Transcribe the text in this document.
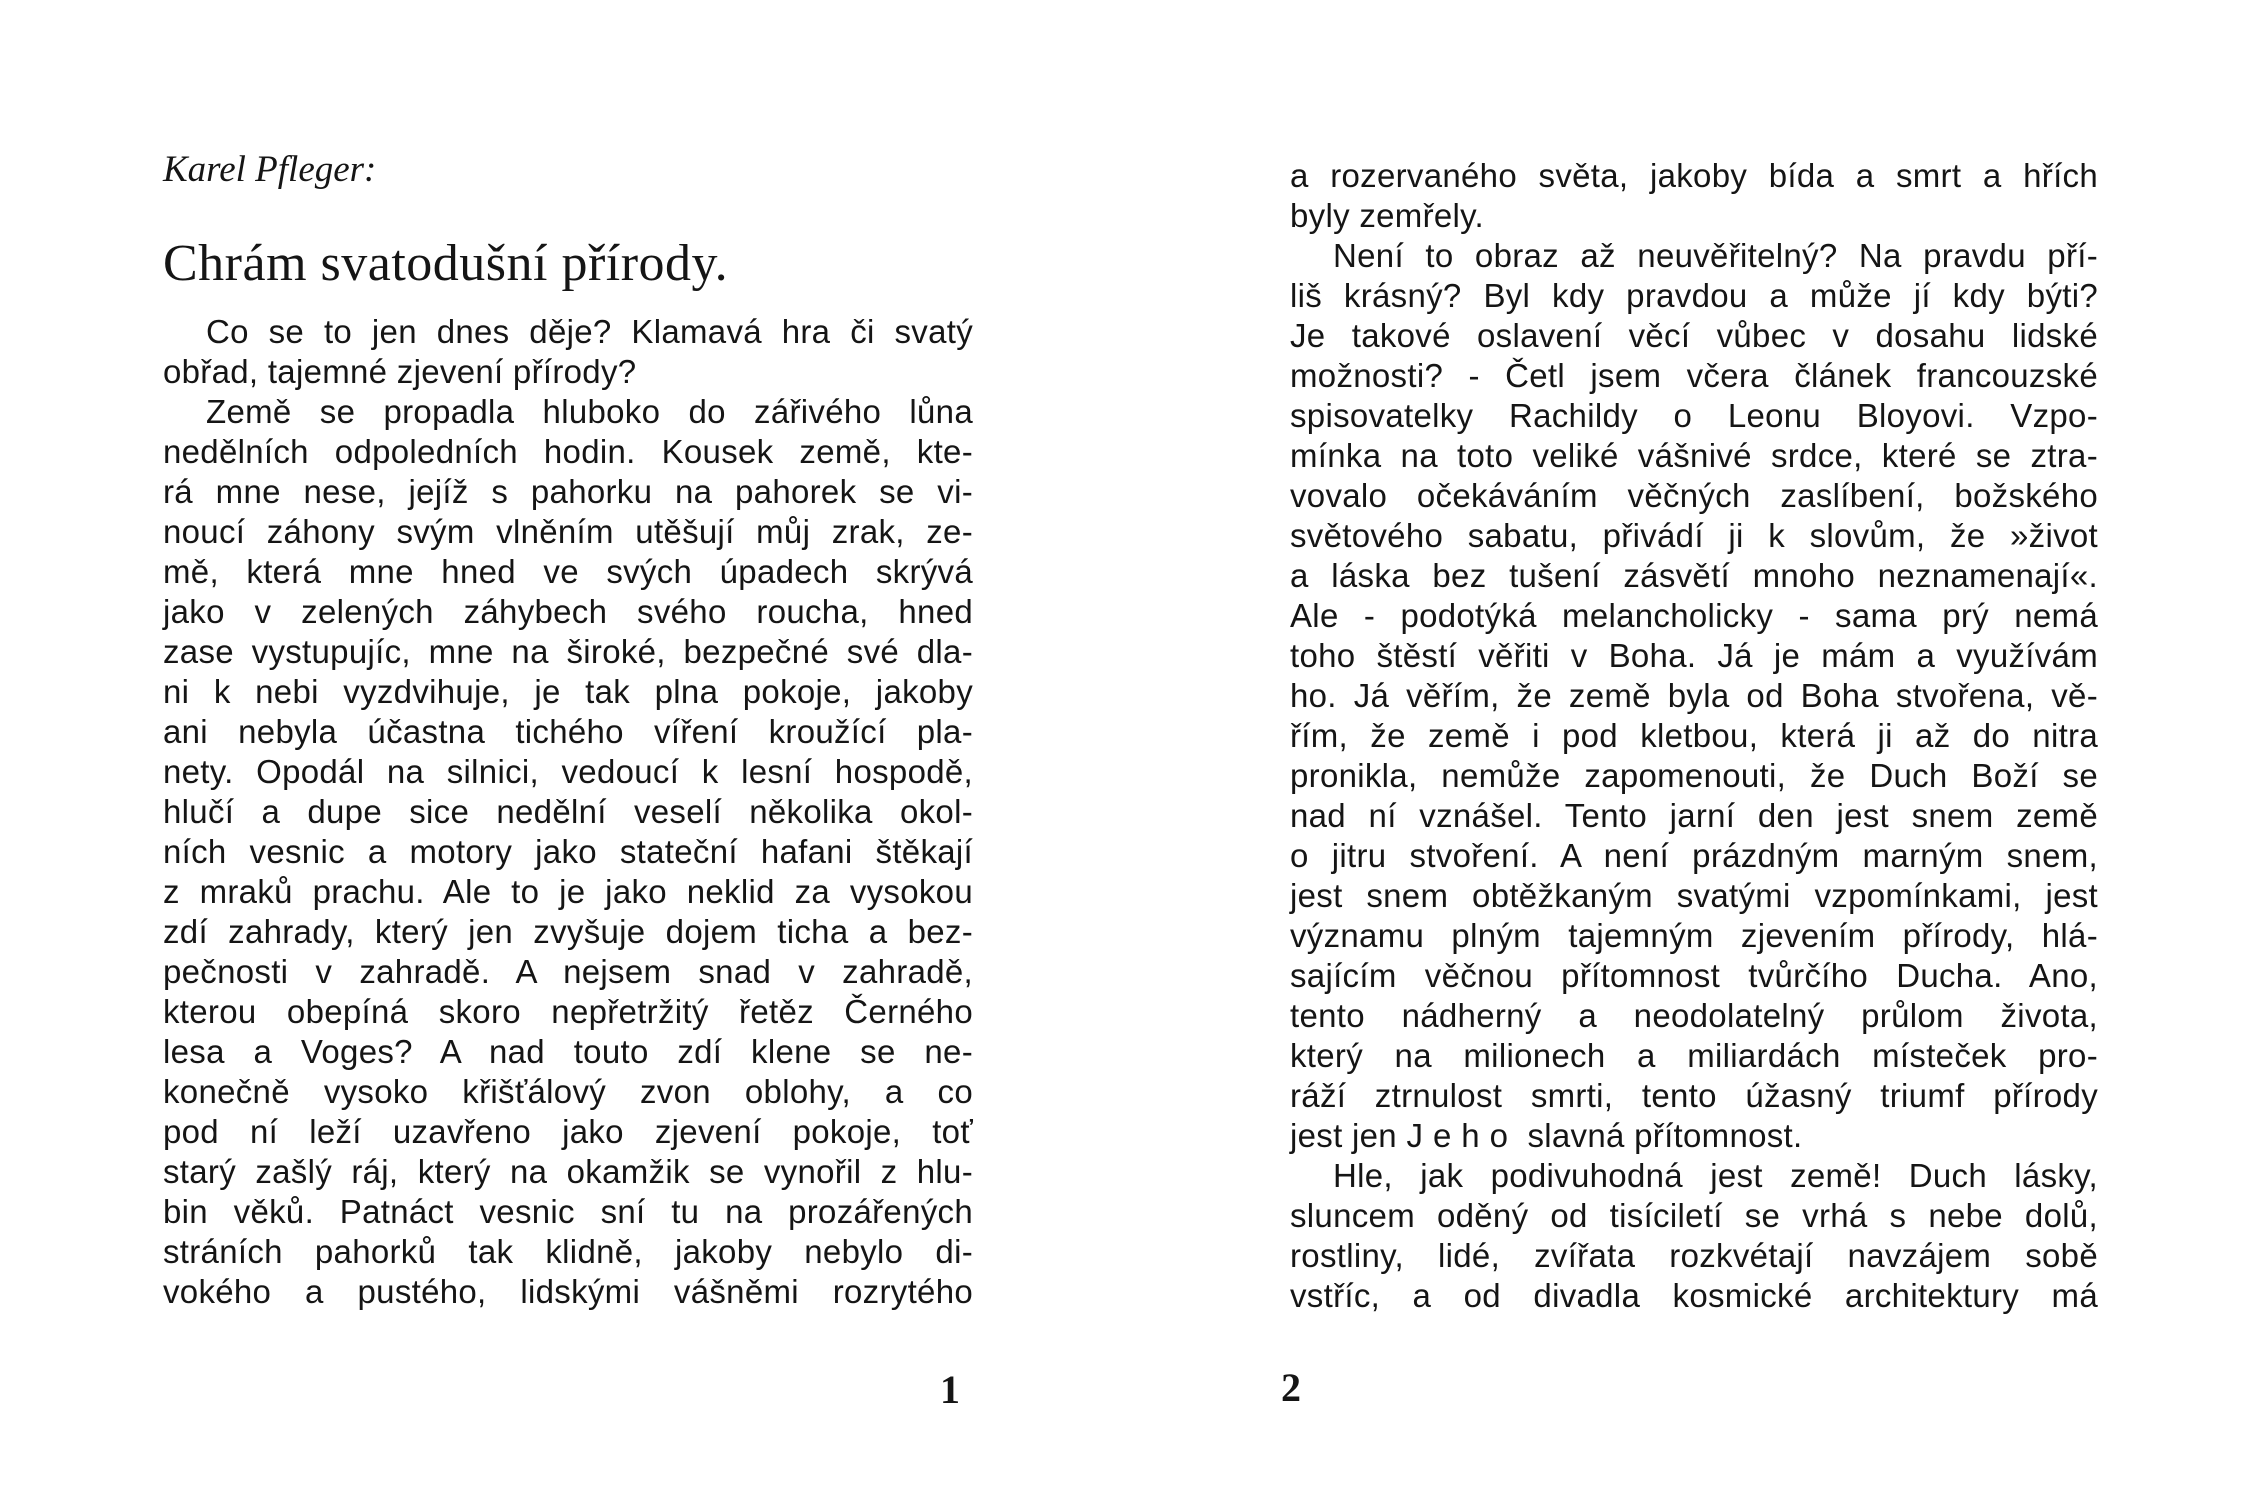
Karel Pfleger:

Chrám svatodušní přírody.
Co se to jen dnes děje? Klamavá hra či svatý
obřad, tajemné zjevení přírody?
Země se propadla hluboko do zářivého lůna
nedělních odpoledních hodin. Kousek země, kte-
rá mne nese, jejíž s pahorku na pahorek se vi-
noucí záhony svým vlněním utěšují můj zrak, ze-
mě, která mne hned ve svých úpadech skrývá
jako v zelených záhybech svého roucha, hned
zase vystupujíc, mne na široké, bezpečné své dla-
ni k nebi vyzdvihuje, je tak plna pokoje, jakoby
ani nebyla účastna tichého víření kroužící pla-
nety. Opodál na silnici, vedoucí k lesní hospodě,
hlučí a dupe sice nedělní veselí několika okol-
ních vesnic a motory jako stateční hafani štěkají
z mraků prachu. Ale to je jako neklid za vysokou
zdí zahrady, který jen zvyšuje dojem ticha a bez-
pečnosti v zahradě. A nejsem snad v zahradě,
kterou obepíná skoro nepřetržitý řetěz Černého
lesa a Voges? A nad touto zdí klene se ne-
konečně vysoko křišťálový zvon oblohy, a co
pod ní leží uzavřeno jako zjevení pokoje, toť
starý zašlý ráj, který na okamžik se vynořil z hlu-
bin věků. Patnáct vesnic sní tu na prozářených
stráních pahorků tak klidně, jakoby nebylo di-
vokého a pustého, lidskými vášněmi rozrytého

1

a rozervaného světa, jakoby bída a smrt a hřích
byly zemřely.
Není to obraz až neuvěřitelný? Na pravdu pří-
liš krásný? Byl kdy pravdou a může jí kdy býti?
Je takové oslavení věcí vůbec v dosahu lidské
možnosti? - Četl jsem včera článek francouzské
spisovatelky Rachildy o Leonu Bloyovi. Vzpo-
mínka na toto veliké vášnivé srdce, které se ztra-
vovalo očekáváním věčných zaslíbení, božského
světového sabatu, přivádí ji k slovům, že »život
a láska bez tušení zásvětí mnoho neznamenají«.
Ale - podotýká melancholicky - sama prý nemá
toho štěstí věřiti v Boha. Já je mám a využívám
ho. Já věřím, že země byla od Boha stvořena, vě-
řím, že země i pod kletbou, která ji až do nitra
pronikla, nemůže zapomenouti, že Duch Boží se
nad ní vznášel. Tento jarní den jest snem země
o jitru stvoření. A není prázdným marným snem,
jest snem obtěžkaným svatými vzpomínkami, jest
významu plným tajemným zjevením přírody, hlá-
sajícím věčnou přítomnost tvůrčího Ducha. Ano,
tento nádherný a neodolatelný průlom života,
který na milionech a miliardách místeček pro-
ráží ztrnulost smrti, tento úžasný triumf přírody
jest jen Jeho slavná přítomnost.
Hle, jak podivuhodná jest země! Duch lásky,
sluncem oděný od tisíciletí se vrhá s nebe dolů,
rostliny, lidé, zvířata rozkvétají navzájem sobě
vstříc, a od divadla kosmické architektury má

2
